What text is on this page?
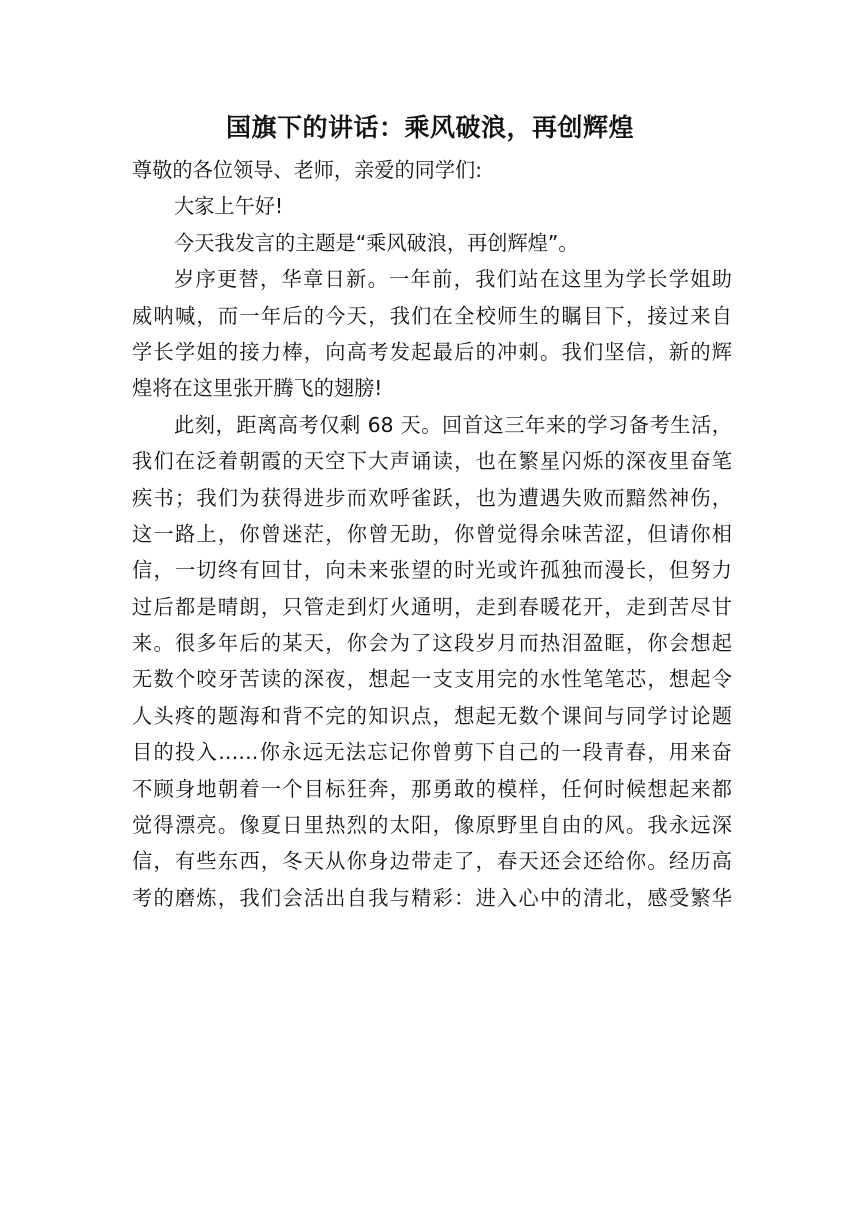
国旗下的讲话：乘风破浪，再创辉煌
尊敬的各位领导、老师，亲爱的同学们:
大家上午好!
今天我发言的主题是“乘风破浪，再创辉煌”。
岁序更替，华章日新。一年前，我们站在这里为学长学姐助
威呐喊，而一年后的今天，我们在全校师生的瞩目下，接过来自
学长学姐的接力棒，向高考发起最后的冲刺。我们坚信，新的辉
煌将在这里张开腾飞的翅膀!
此刻，距离高考仅剩 68 天。回首这三年来的学习备考生活，
我们在泛着朝霞的天空下大声诵读，也在繁星闪烁的深夜里奋笔
疾书；我们为获得进步而欢呼雀跃，也为遭遇失败而黯然神伤，
这一路上，你曾迷茫，你曾无助，你曾觉得余味苦涩，但请你相
信，一切终有回甘，向未来张望的时光或许孤独而漫长，但努力
过后都是晴朗，只管走到灯火通明，走到春暖花开，走到苦尽甘
来。很多年后的某天，你会为了这段岁月而热泪盈眶，你会想起
无数个咬牙苦读的深夜，想起一支支用完的水性笔笔芯，想起令
人头疼的题海和背不完的知识点，想起无数个课间与同学讨论题
目的投入……你永远无法忘记你曾剪下自己的一段青春，用来奋
不顾身地朝着一个目标狂奔，那勇敢的模样，任何时候想起来都
觉得漂亮。像夏日里热烈的太阳，像原野里自由的风。我永远深
信，有些东西，冬天从你身边带走了，春天还会还给你。经历高
考的磨炼，我们会活出自我与精彩：进入心中的清北，感受繁华
